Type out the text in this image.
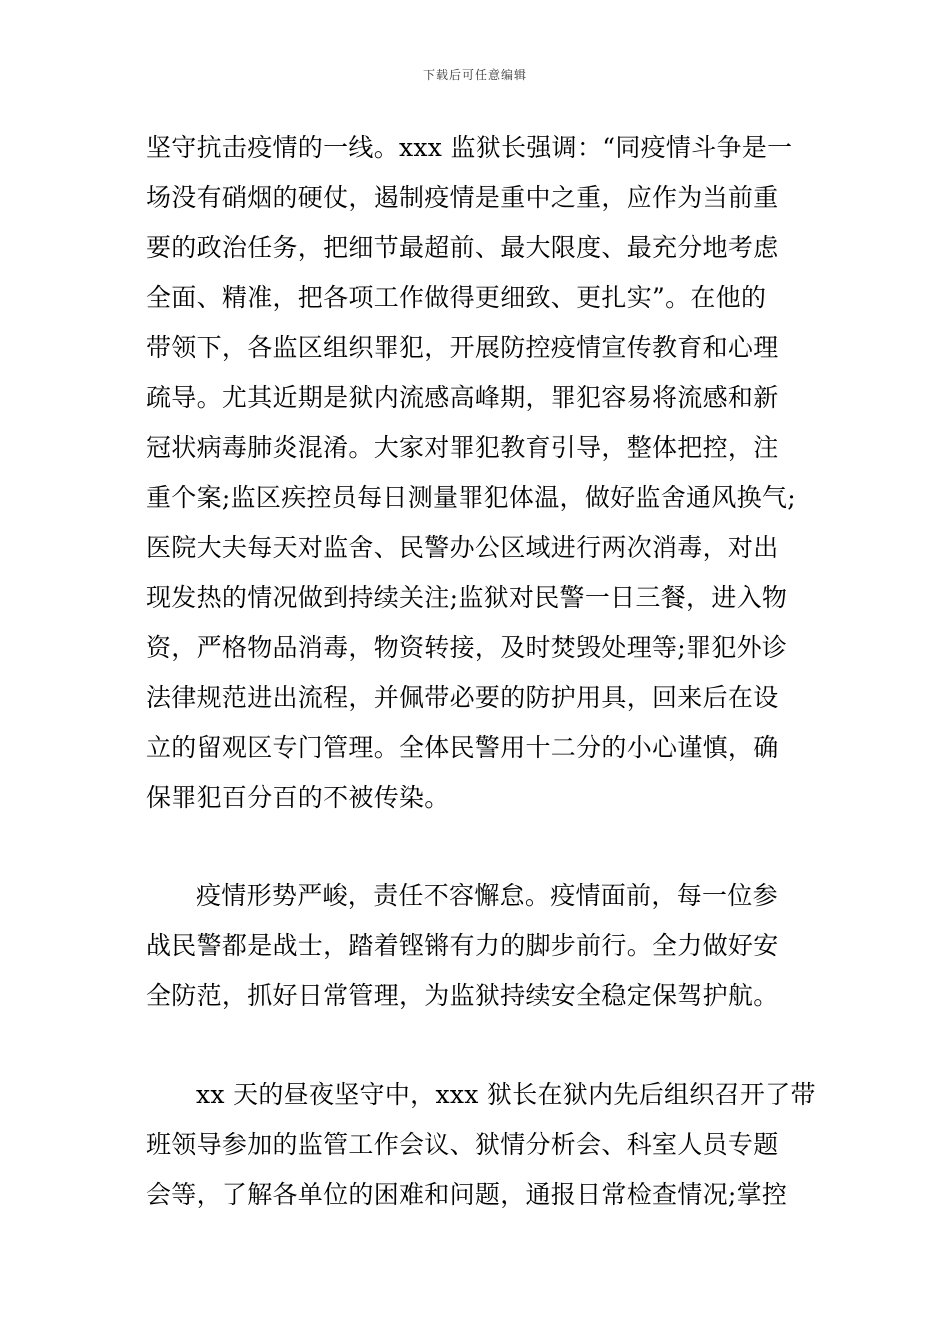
下载后可任意编辑
坚守抗击疫情的一线。xxx 监狱长强调：“同疫情斗争是一
场没有硝烟的硬仗，遏制疫情是重中之重，应作为当前重
要的政治任务，把细节最超前、最大限度、最充分地考虑
全面、精准，把各项工作做得更细致、更扎实”。在他的
带领下，各监区组织罪犯，开展防控疫情宣传教育和心理
疏导。尤其近期是狱内流感高峰期，罪犯容易将流感和新
冠状病毒肺炎混淆。大家对罪犯教育引导，整体把控，注
重个案;监区疾控员每日测量罪犯体温，做好监舍通风换气;
医院大夫每天对监舍、民警办公区域进行两次消毒，对出
现发热的情况做到持续关注;监狱对民警一日三餐，进入物
资，严格物品消毒，物资转接，及时焚毁处理等;罪犯外诊
法律规范进出流程，并佩带必要的防护用具，回来后在设
立的留观区专门管理。全体民警用十二分的小心谨慎，确
保罪犯百分百的不被传染。
疫情形势严峻，责任不容懈怠。疫情面前，每一位参
战民警都是战士，踏着铿锵有力的脚步前行。全力做好安
全防范，抓好日常管理，为监狱持续安全稳定保驾护航。
xx 天的昼夜坚守中，xxx 狱长在狱内先后组织召开了带
班领导参加的监管工作会议、狱情分析会、科室人员专题
会等，了解各单位的困难和问题，通报日常检查情况;掌控
